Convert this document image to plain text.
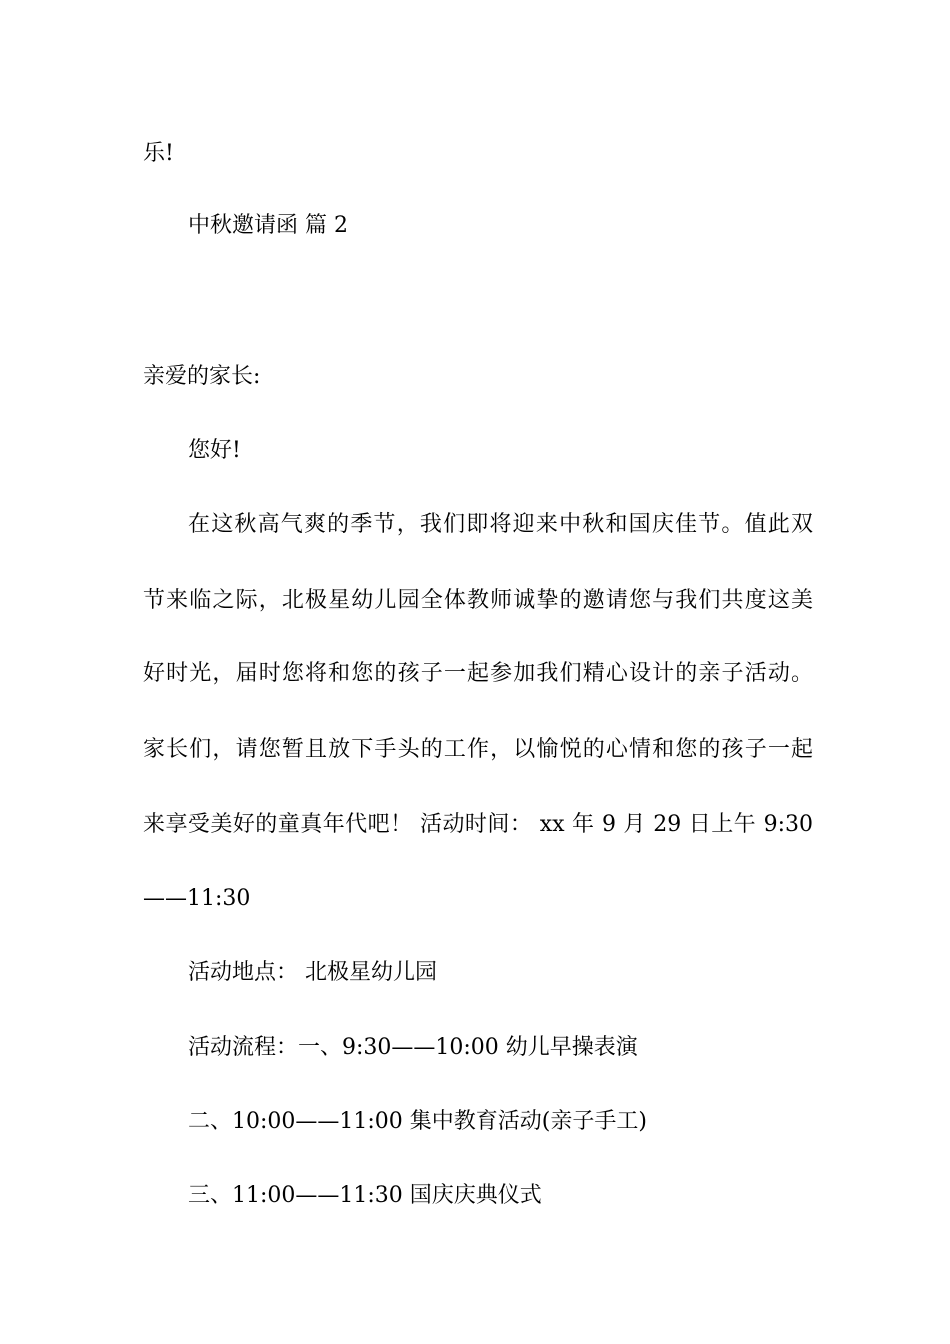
乐!
中秋邀请函 篇 2
亲爱的家长:
您好!
在这秋高气爽的季节，我们即将迎来中秋和国庆佳节。值此双
节来临之际，北极星幼儿园全体教师诚挚的邀请您与我们共度这美
好时光，届时您将和您的孩子一起参加我们精心设计的亲子活动。
家长们，请您暂且放下手头的工作，以愉悦的心情和您的孩子一起
来享受美好的童真年代吧！ 活动时间： xx 年 9 月 29 日上午 9:30
——11:30
活动地点： 北极星幼儿园
活动流程：一、9:30——10:00 幼儿早操表演
二、10:00——11:00 集中教育活动(亲子手工)
三、11:00——11:30 国庆庆典仪式
